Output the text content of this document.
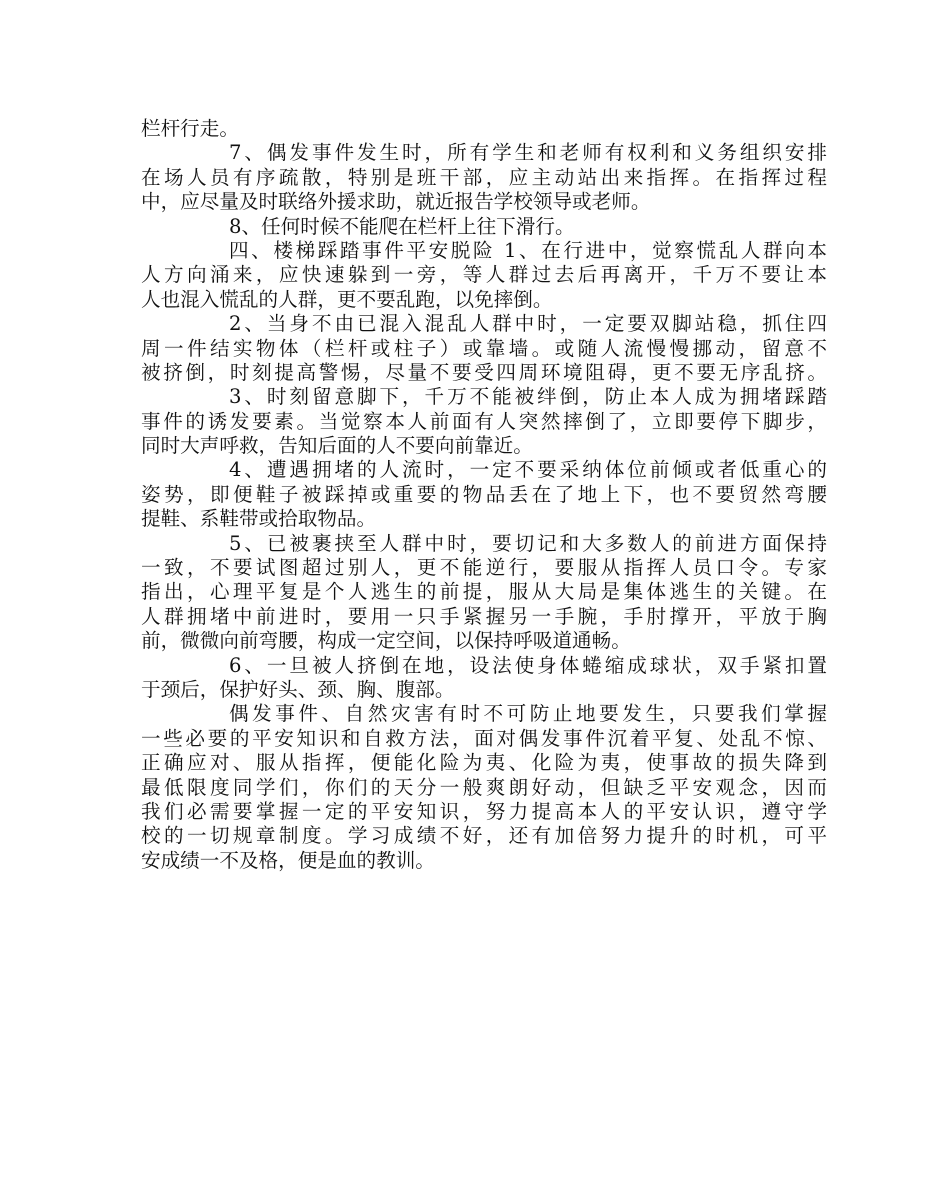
栏杆行走。
7、偶发事件发生时，所有学生和老师有权利和义务组织安排
在场人员有序疏散，特别是班干部，应主动站出来指挥。在指挥过程
中，应尽量及时联络外援求助，就近报告学校领导或老师。
8、任何时候不能爬在栏杆上往下滑行。
四、楼梯踩踏事件平安脱险 1、在行进中，觉察慌乱人群向本
人方向涌来，应快速躲到一旁，等人群过去后再离开，千万不要让本
人也混入慌乱的人群，更不要乱跑，以免摔倒。
2、当身不由已混入混乱人群中时，一定要双脚站稳，抓住四
周一件结实物体（栏杆或柱子）或靠墙。或随人流慢慢挪动，留意不
被挤倒，时刻提高警惕，尽量不要受四周环境阻碍，更不要无序乱挤。
3、时刻留意脚下，千万不能被绊倒，防止本人成为拥堵踩踏
事件的诱发要素。当觉察本人前面有人突然摔倒了，立即要停下脚步，
同时大声呼救，告知后面的人不要向前靠近。
4、遭遇拥堵的人流时，一定不要采纳体位前倾或者低重心的
姿势，即便鞋子被踩掉或重要的物品丢在了地上下，也不要贸然弯腰
提鞋、系鞋带或拾取物品。
5、已被裹挟至人群中时，要切记和大多数人的前进方面保持
一致，不要试图超过别人，更不能逆行，要服从指挥人员口令。专家
指出，心理平复是个人逃生的前提，服从大局是集体逃生的关键。在
人群拥堵中前进时，要用一只手紧握另一手腕，手肘撑开，平放于胸
前，微微向前弯腰，构成一定空间，以保持呼吸道通畅。
6、一旦被人挤倒在地，设法使身体蜷缩成球状，双手紧扣置
于颈后，保护好头、颈、胸、腹部。
偶发事件、自然灾害有时不可防止地要发生，只要我们掌握
一些必要的平安知识和自救方法，面对偶发事件沉着平复、处乱不惊、
正确应对、服从指挥，便能化险为夷、化险为夷，使事故的损失降到
最低限度同学们，你们的天分一般爽朗好动，但缺乏平安观念，因而
我们必需要掌握一定的平安知识，努力提高本人的平安认识，遵守学
校的一切规章制度。学习成绩不好，还有加倍努力提升的时机，可平
安成绩一不及格，便是血的教训。
